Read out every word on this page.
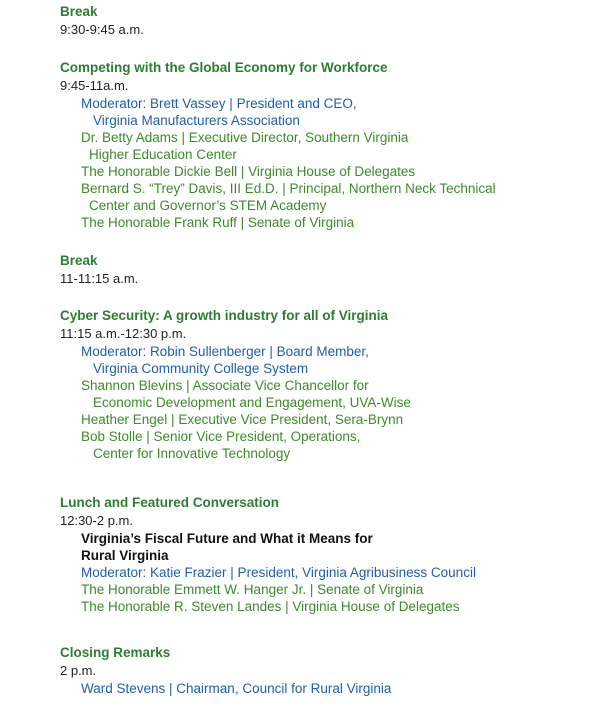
Break
9:30-9:45 a.m.
Competing with the Global Economy for Workforce
9:45-11a.m.
Moderator: Brett Vassey | President and CEO,
Virginia Manufacturers Association
Dr. Betty Adams | Executive Director, Southern Virginia
Higher Education Center
The Honorable Dickie Bell | Virginia House of Delegates
Bernard S. “Trey” Davis, III Ed.D. | Principal, Northern Neck Technical
Center and Governor’s STEM Academy
The Honorable Frank Ruff | Senate of Virginia
Break
11-11:15 a.m.
Cyber Security: A growth industry for all of Virginia
11:15 a.m.-12:30 p.m.
Moderator: Robin Sullenberger | Board Member,
Virginia Community College System
Shannon Blevins | Associate Vice Chancellor for
Economic Development and Engagement, UVA-Wise
Heather Engel | Executive Vice President, Sera-Brynn
Bob Stolle | Senior Vice President, Operations,
Center for Innovative Technology
Lunch and Featured Conversation
12:30-2 p.m.
Virginia’s Fiscal Future and What it Means for
Rural Virginia
Moderator: Katie Frazier | President, Virginia Agribusiness Council
The Honorable Emmett W. Hanger Jr. | Senate of Virginia
The Honorable R. Steven Landes | Virginia House of Delegates
Closing Remarks
2 p.m.
Ward Stevens | Chairman, Council for Rural Virginia
